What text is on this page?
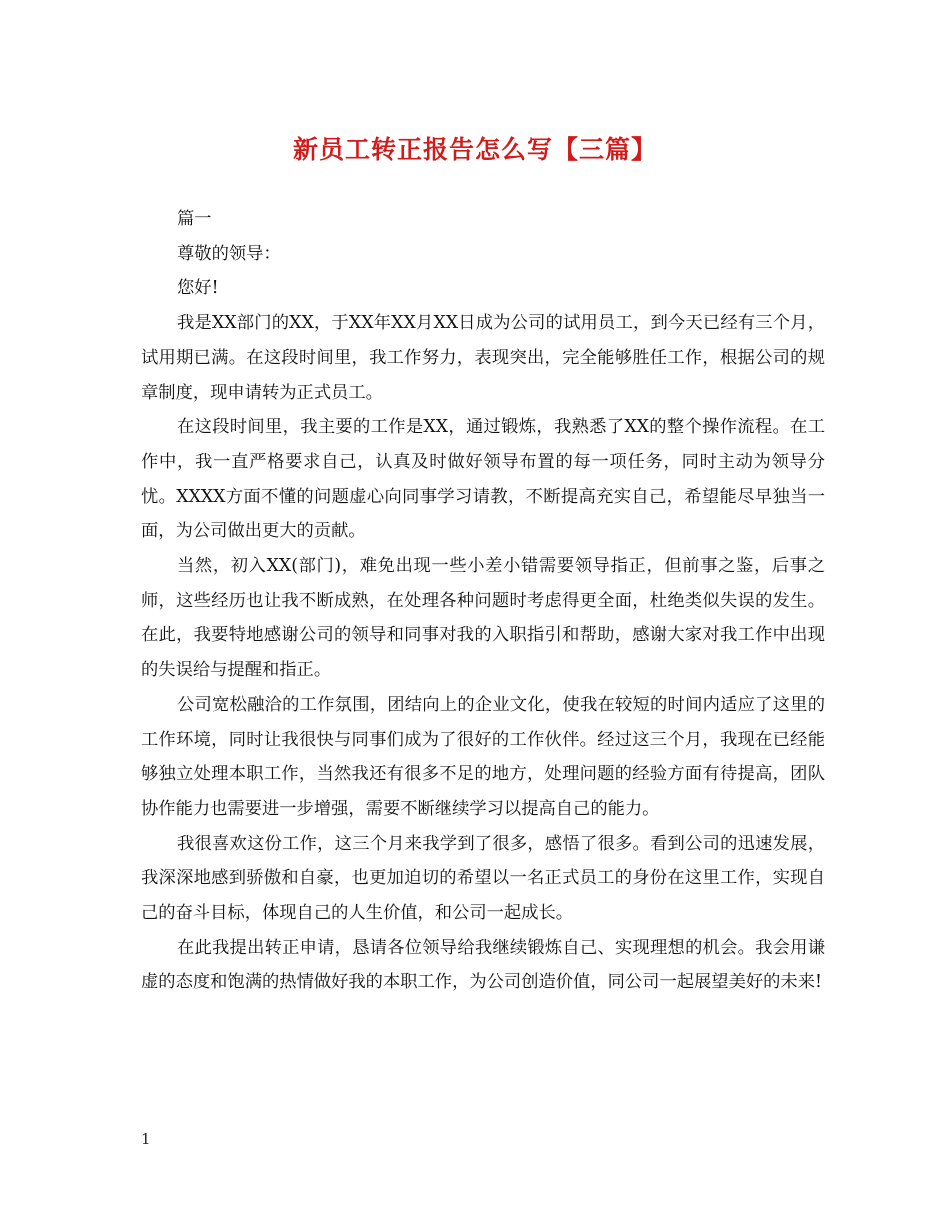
新员工转正报告怎么写【三篇】

篇一

尊敬的领导：

您好!

我是XX部门的XX，于XX年XX月XX日成为公司的试用员工，到今天已经有三个月，试用期已满。在这段时间里，我工作努力，表现突出，完全能够胜任工作，根据公司的规章制度，现申请转为正式员工。

在这段时间里，我主要的工作是XX，通过锻炼，我熟悉了XX的整个操作流程。在工作中，我一直严格要求自己，认真及时做好领导布置的每一项任务，同时主动为领导分忧。XXXX方面不懂的问题虚心向同事学习请教，不断提高充实自己，希望能尽早独当一面，为公司做出更大的贡献。

当然，初入XX(部门)，难免出现一些小差小错需要领导指正，但前事之鉴，后事之师，这些经历也让我不断成熟，在处理各种问题时考虑得更全面，杜绝类似失误的发生。在此，我要特地感谢公司的领导和同事对我的入职指引和帮助，感谢大家对我工作中出现的失误给与提醒和指正。

公司宽松融洽的工作氛围，团结向上的企业文化，使我在较短的时间内适应了这里的工作环境，同时让我很快与同事们成为了很好的工作伙伴。经过这三个月，我现在已经能够独立处理本职工作，当然我还有很多不足的地方，处理问题的经验方面有待提高，团队协作能力也需要进一步增强，需要不断继续学习以提高自己的能力。

我很喜欢这份工作，这三个月来我学到了很多，感悟了很多。看到公司的迅速发展，我深深地感到骄傲和自豪，也更加迫切的希望以一名正式员工的身份在这里工作，实现自己的奋斗目标，体现自己的人生价值，和公司一起成长。

在此我提出转正申请，恳请各位领导给我继续锻炼自己、实现理想的机会。我会用谦虚的态度和饱满的热情做好我的本职工作，为公司创造价值，同公司一起展望美好的未来!

1
